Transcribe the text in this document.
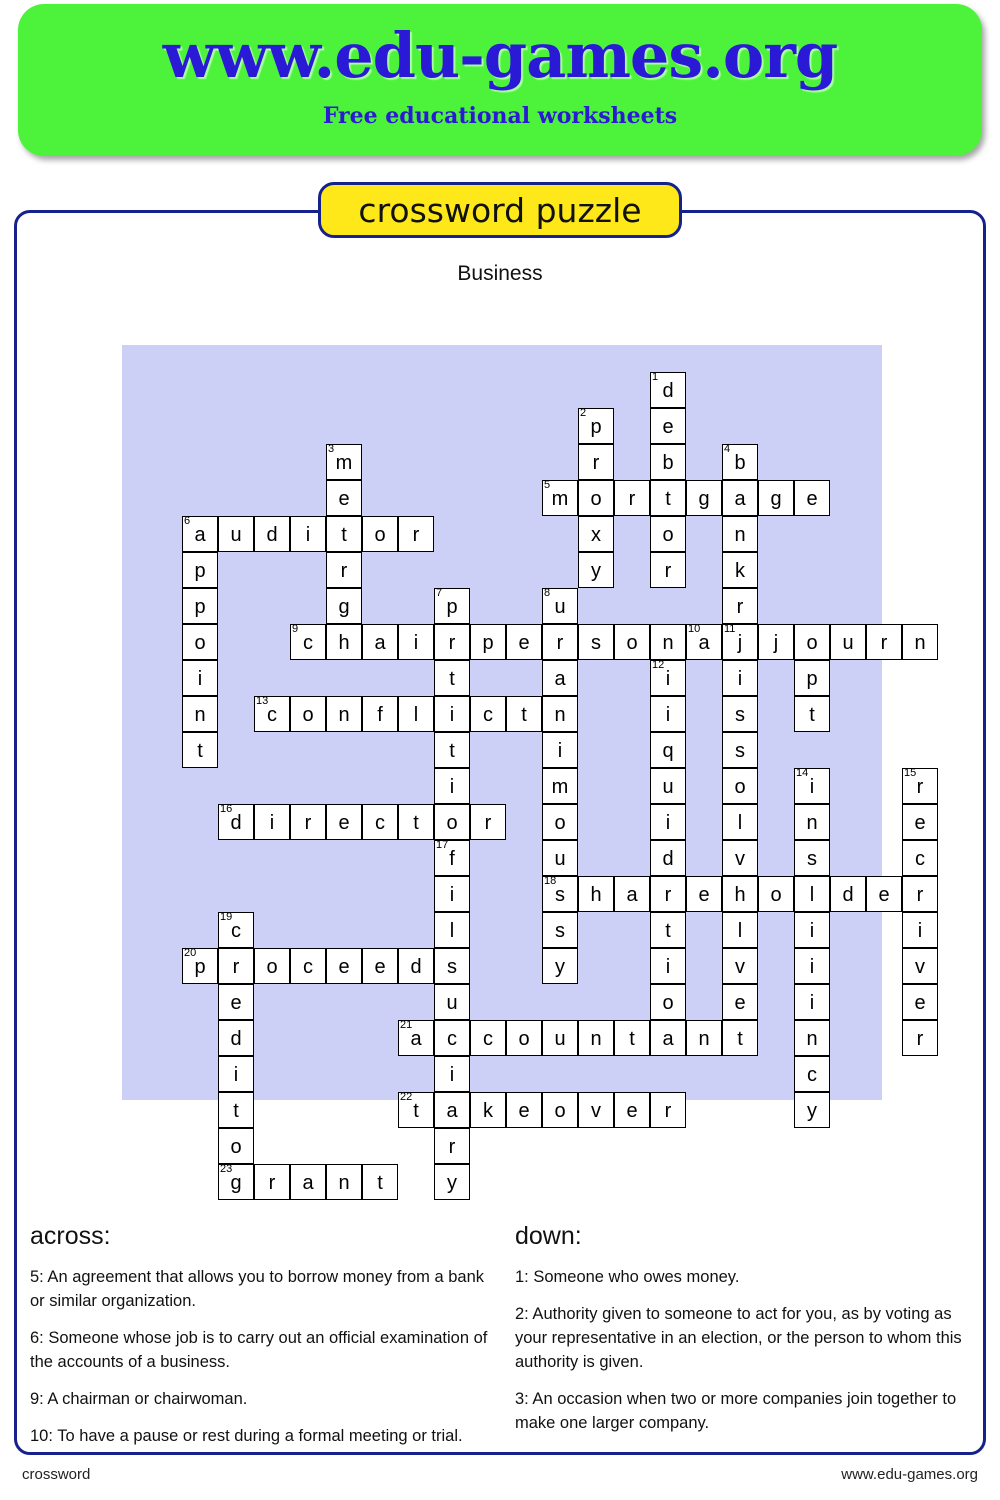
www.edu-games.org
Free educational worksheets
crossword puzzle
Business
1
d
2
p	e
3
m	r	b
4
b
5
m	o	r	t	g	a	g	e
e
6
a	u	d	i	t	o	r	x	o	n
p	r	y	r	k
p	g
7
p
8
u	r
o
9
c	h	a	i	r	p	e	r	s	o	n	j
11
10
a	j	o	u	r	n
i	t	a
12
i	i	p
n
13
c	o	n	f	l	i	c	t	n	i	s	t
t	t	i	q	s
i	m	u	o
14
i
15
r
16
d	i	r	e	c	t	o	r	o	i	l	n	e
17
f	u	d	v	s	c
18
s	h	a	r	e	h	o	l	d	e	r
i
l	s	t	l	i	i
19
c
20
p	r	o	c	e	e	d	s	y	i	v	i	v
e	u	o	e	i	e
d
21
a	c	c	o	u	n	t	a	n	t	n	r
i	i	c
t
22
t	a	k	e	o	v	e	r	y
o	r
23
g	r	a	n	t	y
across:
5: An agreement that allows you to borrow money from a bank or similar organization.
6: Someone whose job is to carry out an official examination of the accounts of a business.
9: A chairman or chairwoman.
10: To have a pause or rest during a formal meeting or trial.
down:
1: Someone who owes money.
2: Authority given to someone to act for you, as by voting as your representative in an election, or the person to whom this authority is given.
3: An occasion when two or more companies join together to make one larger company.
crossword	www.edu-games.org
